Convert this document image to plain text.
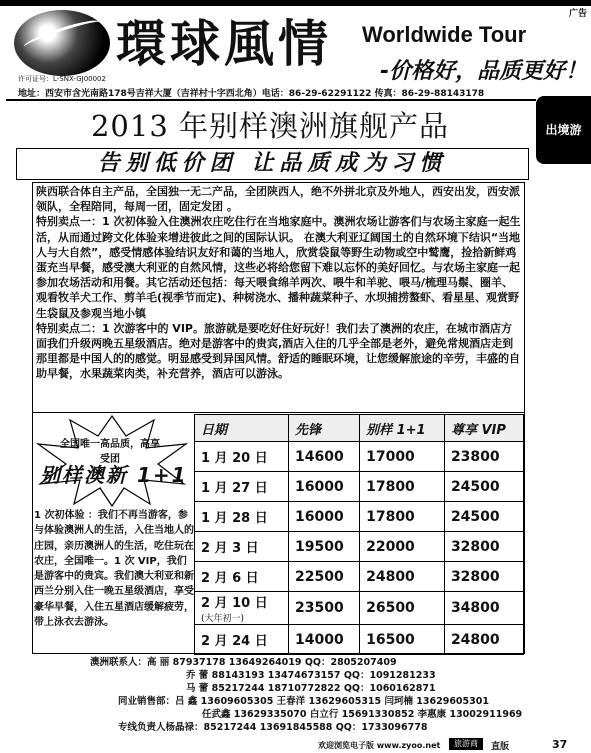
广告
環球風情 Worldwide Tour
-价格好，品质更好！
许可证号：L-SNX-GJ00002
地址：西安市含光南路178号吉祥大厦（吉祥村十字西北角）电话：86-29-62291122 传真：86-29-88143178
出境游
2013 年别样澳洲旗舰产品
告别低价团 让品质成为习惯

陕西联合体自主产品，全国独一无二产品，全团陕西人，绝不外拼北京及外地人，西安出发，西安派领队，全程陪同，每周一团，固定发团 。

特别卖点一：1 次初体验入住澳洲农庄吃住行在当地家庭中。澳洲农场让游客们与农场主家庭一起生活，从而通过跨文化体验来增进彼此之间的国际认识。 在澳大利亚辽阔国土的自然环境下结识“当地人与大自然”，感受情感体验结识友好和蔼的当地人，欣赏袋鼠等野生动物或空中鹫鹰，捡拾新鲜鸡蛋充当早餐，感受澳大利亚的自然风情，这些必将给您留下难以忘怀的美好回忆。与农场主家庭一起参加农场活动和用餐。其它活动还包括：每天喂食绵羊两次、喂牛和羊驼、喂马/梳理马鬃、圈羊、观看牧羊犬工作、剪羊毛(视季节而定)、种树浇水、播种蔬菜种子、水坝捕捞螯虾、看星星、观赏野生袋鼠及参观当地小镇

特别卖点二：1 次游客中的 VIP。旅游就是要吃好住好玩好！我们去了澳洲的农庄，在城市酒店方面我们升级两晚五星级酒店。绝对是游客中的贵宾,酒店入住的几乎全部是老外，避免常规酒店走到那里都是中国人的的感觉。明显感受到异国风情。舒适的睡眠环境，让您缓解旅途的辛劳，丰盛的自助早餐，水果蔬菜肉类，补充营养，酒店可以游泳。

全国唯一高品质，高享受团
别样澳新 1+1
1 次初体验 ：我们不再当游客，参与体验澳洲人的生活，入住当地人的庄园，亲历澳洲人的生活，吃住玩在农庄，全国唯一。1 次 VIP，我们是游客中的贵宾。我们澳大利亚和新西兰分别入住一晚五星级酒店，享受豪华早餐，入住五星酒店缓解疲劳，带上泳衣去游泳。
日期	先锋	别样 1+1	尊享 VIP
1 月 20 日	14600	17000	23800
1 月 27 日	16000	17800	24500
1 月 28 日	16000	17800	24500
2 月 3 日	19500	22000	32800
2 月 6 日	22500	24800	32800
2 月 10 日
(大年初一)	23500	26500	34800
2 月 24 日	14000	16500	24800
澳洲联系人：高 丽 87937178 13649264019 QQ：2805207409
乔 蕾 88143193 13474673157 QQ：1091281233
马 蕾 85217244 18710772822 QQ：1060162871
同业销售部：吕 鑫 13609605305 王春洋 13629605315 闫珂楠 13629605301
任武鑫 13629335070 白立行 15691330852 李惠康 13002911969
专线负责人杨晶禄：85217244 13691845588 QQ：1733096778
欢迎浏览电子版 www.zyoo.net	旅游商	直版	37
